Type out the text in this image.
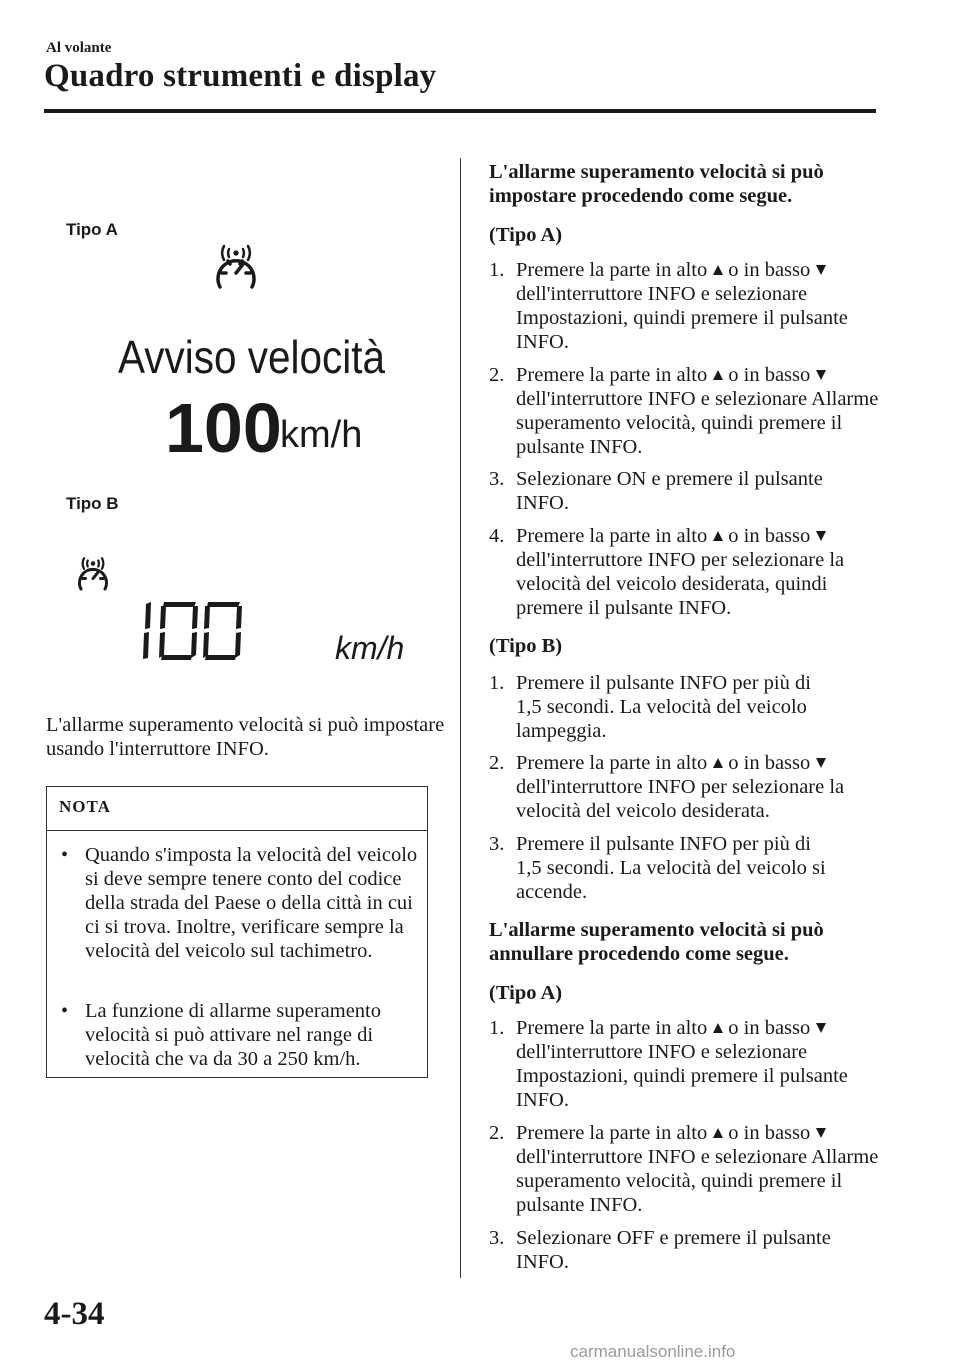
Al volante
Quadro strumenti e display
Tipo A
Avviso velocità
100
km/h
Tipo B
km/h
L'allarme superamento velocità si può impostare usando l'interruttore INFO.
NOTA
• Quando s'imposta la velocità del veicolo si deve sempre tenere conto del codice della strada del Paese o della città in cui ci si trova. Inoltre, verificare sempre la velocità del veicolo sul tachimetro.
• La funzione di allarme superamento velocità si può attivare nel range di velocità che va da 30 a 250 km/h.
L'allarme superamento velocità si può impostare procedendo come segue.
(Tipo A)
1. Premere la parte in alto o in basso
dell'interruttore INFO e selezionare Impostazioni, quindi premere il pulsante INFO.
2. Premere la parte in alto o in basso
dell'interruttore INFO e selezionare Allarme superamento velocità, quindi premere il pulsante INFO.
3. Selezionare ON e premere il pulsante
INFO.
4. Premere la parte in alto o in basso
dell'interruttore INFO per selezionare la velocità del veicolo desiderata, quindi premere il pulsante INFO.
(Tipo B)
1. Premere il pulsante INFO per più di
1,5 secondi. La velocità del veicolo lampeggia.
2. Premere la parte in alto o in basso
dell'interruttore INFO per selezionare la velocità del veicolo desiderata.
3. Premere il pulsante INFO per più di
1,5 secondi. La velocità del veicolo si accende.
L'allarme superamento velocità si può annullare procedendo come segue.
(Tipo A)
1. Premere la parte in alto o in basso
dell'interruttore INFO e selezionare Impostazioni, quindi premere il pulsante INFO.
2. Premere la parte in alto o in basso
dell'interruttore INFO e selezionare Allarme superamento velocità, quindi premere il pulsante INFO.
3. Selezionare OFF e premere il pulsante
INFO.
4-34
carmanualsonline.info
